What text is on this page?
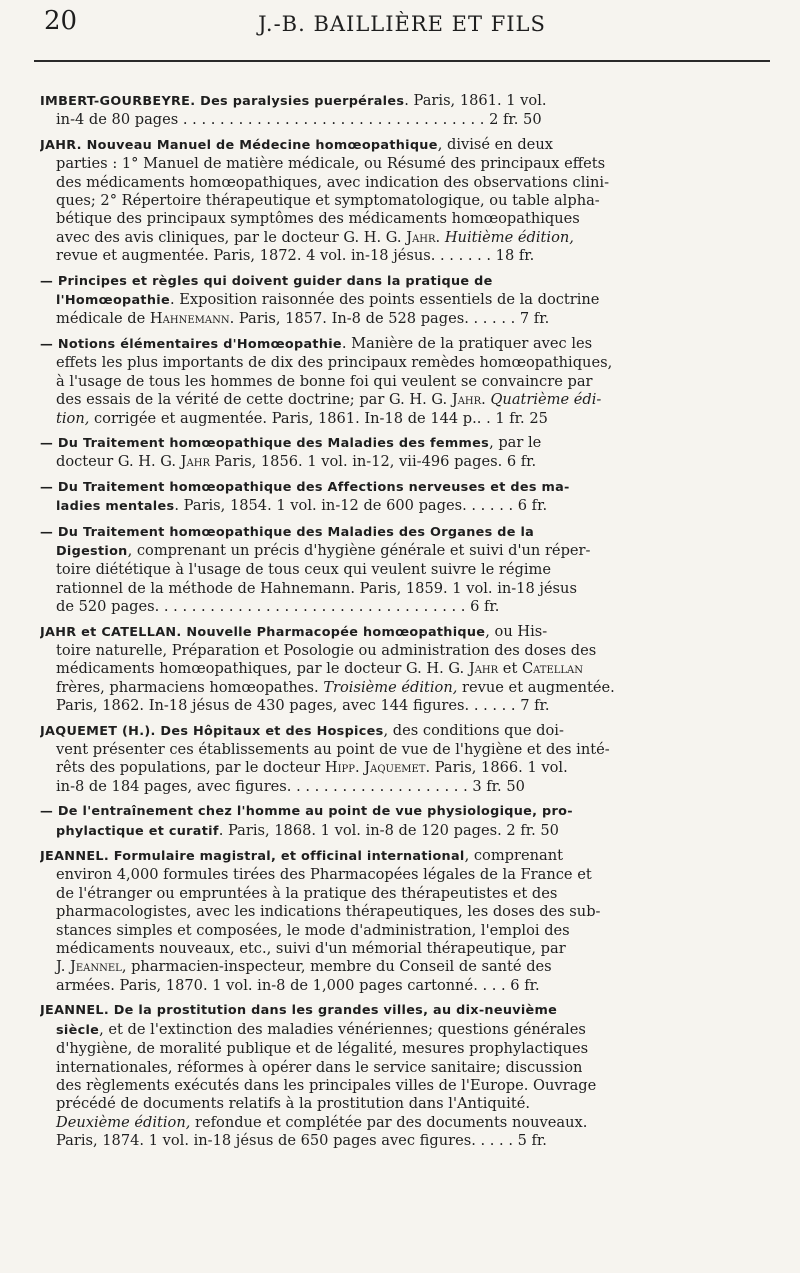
20	J.-B. BAILLIÈRE ET FILS
IMBERT-GOURBEYRE. Des paralysies puerpérales. Paris, 1861. 1 vol.
in-4 de 80 pages . . . . . . . . . . . . . . . . . . . . . . . . . . . . . . . . . 2 fr. 50
JAHR. Nouveau Manuel de Médecine homœopathique, divisé en deux
parties : 1° Manuel de matière médicale, ou Résumé des principaux effets
des médicaments homœopathiques, avec indication des observations clini-
ques; 2° Répertoire thérapeutique et symptomatologique, ou table alpha-
bétique des principaux symptômes des médicaments homœopathiques
avec des avis cliniques, par le docteur G. H. G. Jahr. Huitième édition,
revue et augmentée. Paris, 1872. 4 vol. in-18 jésus. . . . . . . 18 fr.
— Principes et règles qui doivent guider dans la pratique de
l'Homœopathie. Exposition raisonnée des points essentiels de la doctrine
médicale de Hahnemann. Paris, 1857. In-8 de 528 pages. . . . . . 7 fr.
— Notions élémentaires d'Homœopathie. Manière de la pratiquer avec les
effets les plus importants de dix des principaux remèdes homœopathiques,
à l'usage de tous les hommes de bonne foi qui veulent se convaincre par
des essais de la vérité de cette doctrine; par G. H. G. Jahr. Quatrième édi-
tion, corrigée et augmentée. Paris, 1861. In-18 de 144 p.. . 1 fr. 25
— Du Traitement homœopathique des Maladies des femmes, par le
docteur G. H. G. Jahr Paris, 1856. 1 vol. in-12, vii-496 pages. 6 fr.
— Du Traitement homœopathique des Affections nerveuses et des ma-
ladies mentales. Paris, 1854. 1 vol. in-12 de 600 pages. . . . . . 6 fr.
— Du Traitement homœopathique des Maladies des Organes de la
Digestion, comprenant un précis d'hygiène générale et suivi d'un réper-
toire diététique à l'usage de tous ceux qui veulent suivre le régime
rationnel de la méthode de Hahnemann. Paris, 1859. 1 vol. in-18 jésus
de 520 pages. . . . . . . . . . . . . . . . . . . . . . . . . . . . . . . . . . 6 fr.
JAHR et CATELLAN. Nouvelle Pharmacopée homœopathique, ou His-
toire naturelle, Préparation et Posologie ou administration des doses des
médicaments homœopathiques, par le docteur G. H. G. Jahr et Catellan
frères, pharmaciens homœopathes. Troisième édition, revue et augmentée.
Paris, 1862. In-18 jésus de 430 pages, avec 144 figures. . . . . . 7 fr.
JAQUEMET (H.). Des Hôpitaux et des Hospices, des conditions que doi-
vent présenter ces établissements au point de vue de l'hygiène et des inté-
rêts des populations, par le docteur Hipp. Jaquemet. Paris, 1866. 1 vol.
in-8 de 184 pages, avec figures. . . . . . . . . . . . . . . . . . . . 3 fr. 50
— De l'entraînement chez l'homme au point de vue physiologique, pro-
phylactique et curatif. Paris, 1868. 1 vol. in-8 de 120 pages. 2 fr. 50
JEANNEL. Formulaire magistral, et officinal international, comprenant
environ 4,000 formules tirées des Pharmacopées légales de la France et
de l'étranger ou empruntées à la pratique des thérapeutistes et des
pharmacologistes, avec les indications thérapeutiques, les doses des sub-
stances simples et composées, le mode d'administration, l'emploi des
médicaments nouveaux, etc., suivi d'un mémorial thérapeutique, par
J. Jeannel, pharmacien-inspecteur, membre du Conseil de santé des
armées. Paris, 1870. 1 vol. in-8 de 1,000 pages cartonné. . . . 6 fr.
JEANNEL. De la prostitution dans les grandes villes, au dix-neuvième
siècle, et de l'extinction des maladies vénériennes; questions générales
d'hygiène, de moralité publique et de légalité, mesures prophylactiques
internationales, réformes à opérer dans le service sanitaire; discussion
des règlements exécutés dans les principales villes de l'Europe. Ouvrage
précédé de documents relatifs à la prostitution dans l'Antiquité.
Deuxième édition, refondue et complétée par des documents nouveaux.
Paris, 1874. 1 vol. in-18 jésus de 650 pages avec figures. . . . . 5 fr.
